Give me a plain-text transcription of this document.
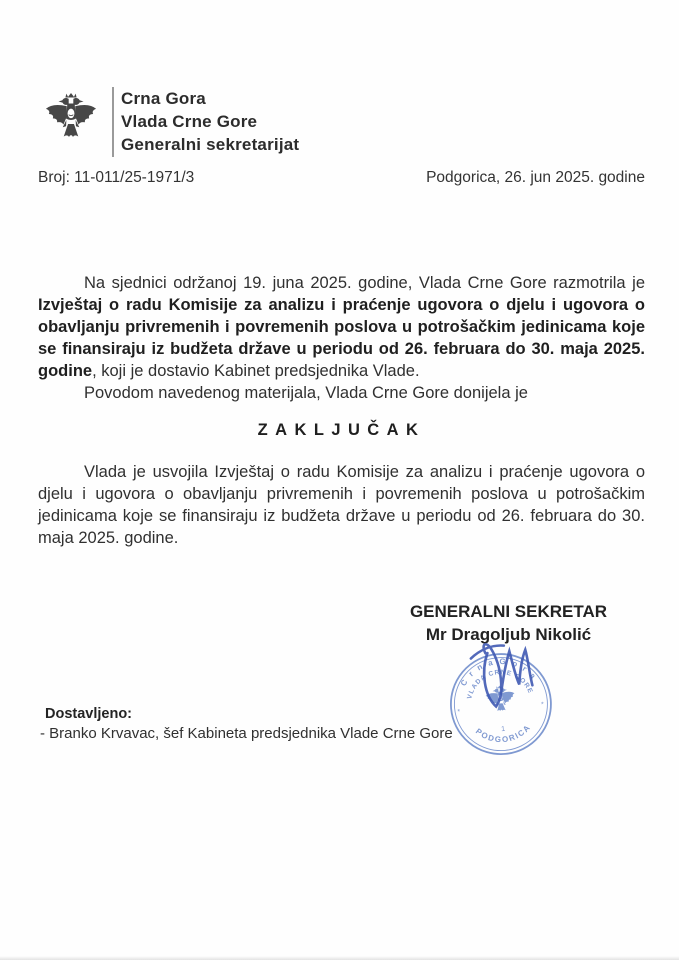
Crna Gora
Vlada Crne Gore
Generalni sekretarijat
Broj: 11-011/25-1971/3	Podgorica, 26. jun 2025. godine

Na sjednici održanoj 19. juna 2025. godine, Vlada Crne Gore razmotrila je Izvještaj o radu Komisije za analizu i praćenje ugovora o djelu i ugovora o obavljanju privremenih i povremenih poslova u potrošačkim jedinicama koje se finansiraju iz budžeta države u periodu od 26. februara do 30. maja 2025. godine, koji je dostavio Kabinet predsjednika Vlade.

Povodom navedenog materijala, Vlada Crne Gore donijela je

ZAKLJUČAK

Vlada je usvojila Izvještaj o radu Komisije za analizu i praćenje ugovora o djelu i ugovora o obavljanju privremenih i povremenih poslova u potrošačkim jedinicama koje se finansiraju iz budžeta države u periodu od 26. februara do 30. maja 2025. godine.

GENERALNI SEKRETAR
Mr Dragoljub Nikolić
C r n a G o r a
VLADA CRNE GORE
PODGORICA
1
*
*
Dostavljeno:
- Branko Krvavac, šef Kabineta predsjednika Vlade Crne Gore
